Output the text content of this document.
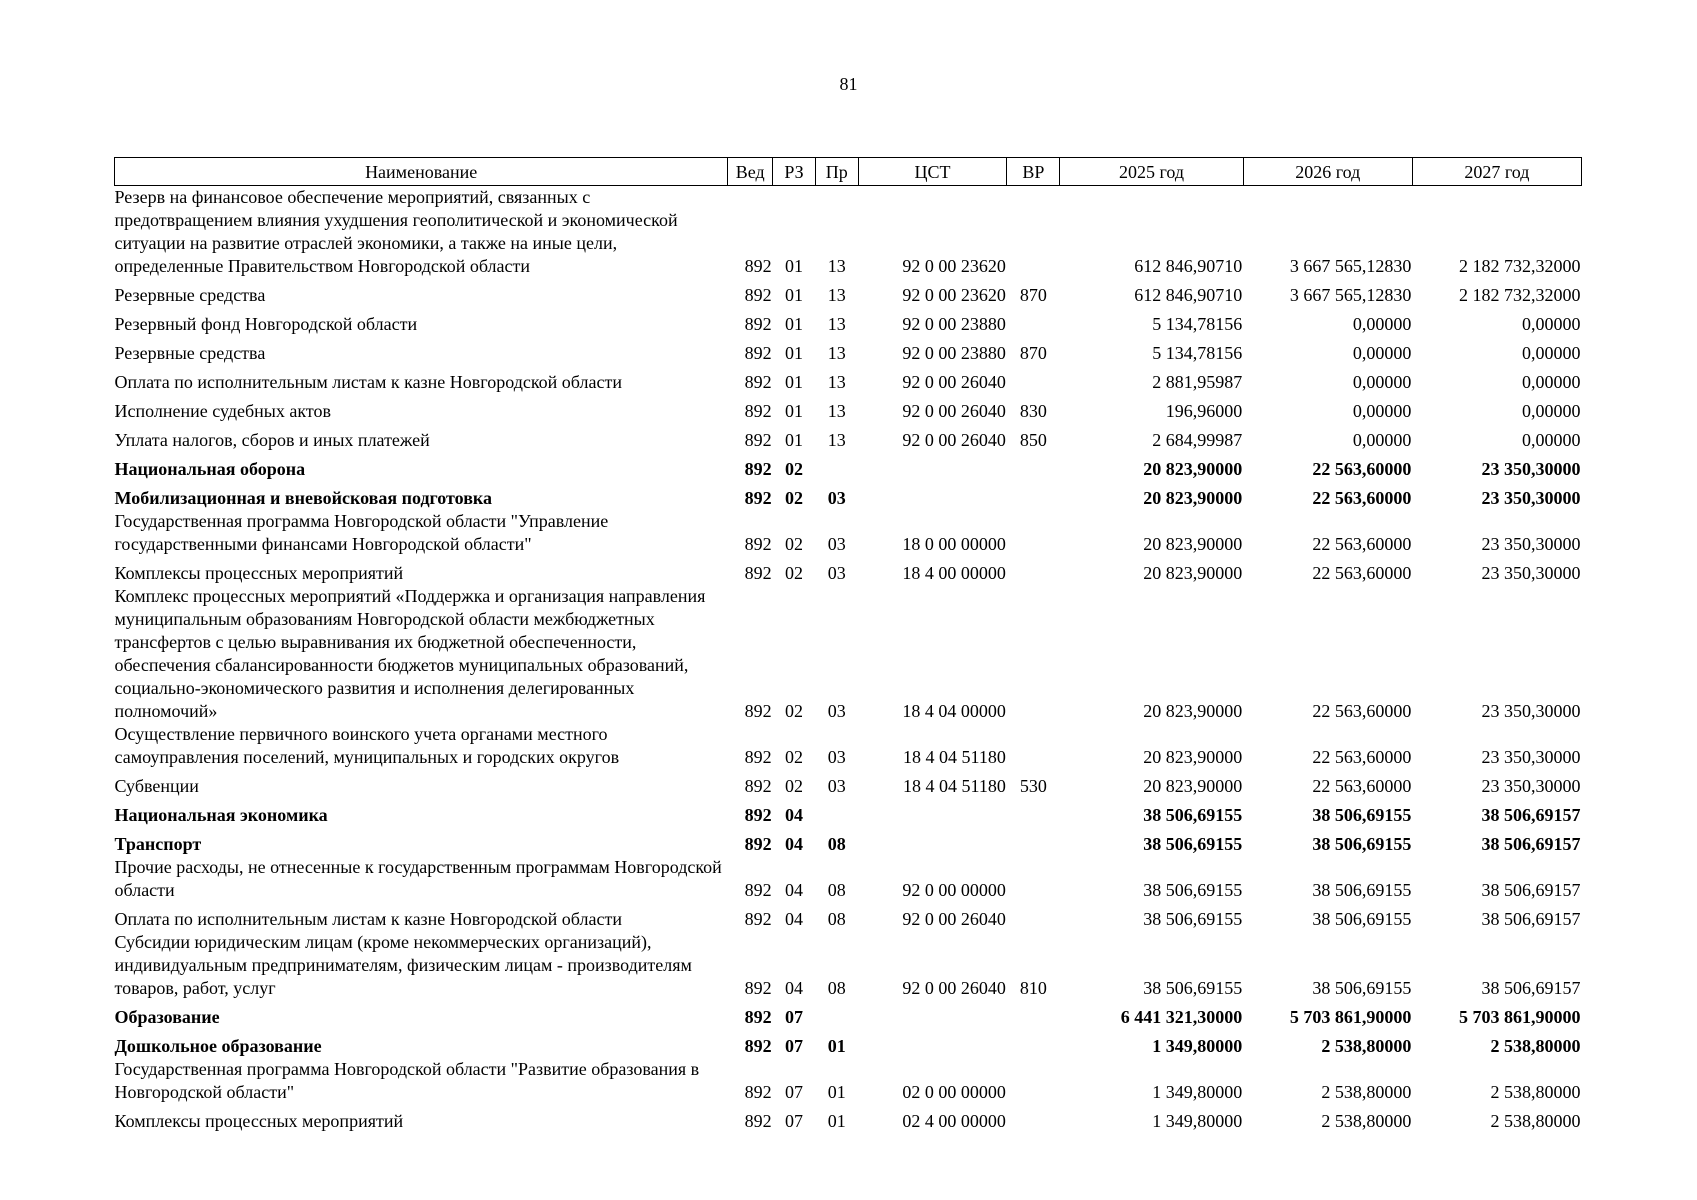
81
Наименование	Вед	РЗ	Пр	ЦСТ	ВР	2025 год	2026 год	2027 год
Резерв на финансовое обеспечение мероприятий, связанных с предотвращением влияния ухудшения геополитической и экономической ситуации на развитие отраслей экономики, а также на иные цели, определенные Правительством Новгородской области	892	01	13	92 0 00 23620		612 846,90710	3 667 565,12830	2 182 732,32000
Резервные средства	892	01	13	92 0 00 23620	870	612 846,90710	3 667 565,12830	2 182 732,32000
Резервный фонд Новгородской области	892	01	13	92 0 00 23880		5 134,78156	0,00000	0,00000
Резервные средства	892	01	13	92 0 00 23880	870	5 134,78156	0,00000	0,00000
Оплата по исполнительным листам к казне Новгородской области	892	01	13	92 0 00 26040		2 881,95987	0,00000	0,00000
Исполнение судебных актов	892	01	13	92 0 00 26040	830	196,96000	0,00000	0,00000
Уплата налогов, сборов и иных платежей	892	01	13	92 0 00 26040	850	2 684,99987	0,00000	0,00000
Национальная оборона	892	02				20 823,90000	22 563,60000	23 350,30000
Мобилизационная и вневойсковая подготовка	892	02	03			20 823,90000	22 563,60000	23 350,30000
Государственная программа Новгородской области "Управление государственными финансами Новгородской области"	892	02	03	18 0 00 00000		20 823,90000	22 563,60000	23 350,30000
Комплексы процессных мероприятий	892	02	03	18 4 00 00000		20 823,90000	22 563,60000	23 350,30000
Комплекс процессных мероприятий «Поддержка и организация направления муниципальным образованиям Новгородской области межбюджетных трансфертов с целью выравнивания их бюджетной обеспеченности, обеспечения сбалансированности бюджетов муниципальных образований, социально-экономического развития и исполнения делегированных полномочий»	892	02	03	18 4 04 00000		20 823,90000	22 563,60000	23 350,30000
Осуществление первичного воинского учета органами местного самоуправления поселений, муниципальных и городских округов	892	02	03	18 4 04 51180		20 823,90000	22 563,60000	23 350,30000
Субвенции	892	02	03	18 4 04 51180	530	20 823,90000	22 563,60000	23 350,30000
Национальная экономика	892	04				38 506,69155	38 506,69155	38 506,69157
Транспорт	892	04	08			38 506,69155	38 506,69155	38 506,69157
Прочие расходы, не отнесенные к государственным программам Новгородской области	892	04	08	92 0 00 00000		38 506,69155	38 506,69155	38 506,69157
Оплата по исполнительным листам к казне Новгородской области	892	04	08	92 0 00 26040		38 506,69155	38 506,69155	38 506,69157
Субсидии юридическим лицам (кроме некоммерческих организаций), индивидуальным предпринимателям, физическим лицам - производителям товаров, работ, услуг	892	04	08	92 0 00 26040	810	38 506,69155	38 506,69155	38 506,69157
Образование	892	07				6 441 321,30000	5 703 861,90000	5 703 861,90000
Дошкольное образование	892	07	01			1 349,80000	2 538,80000	2 538,80000
Государственная программа Новгородской области "Развитие образования в Новгородской области"	892	07	01	02 0 00 00000		1 349,80000	2 538,80000	2 538,80000
Комплексы процессных мероприятий	892	07	01	02 4 00 00000		1 349,80000	2 538,80000	2 538,80000
